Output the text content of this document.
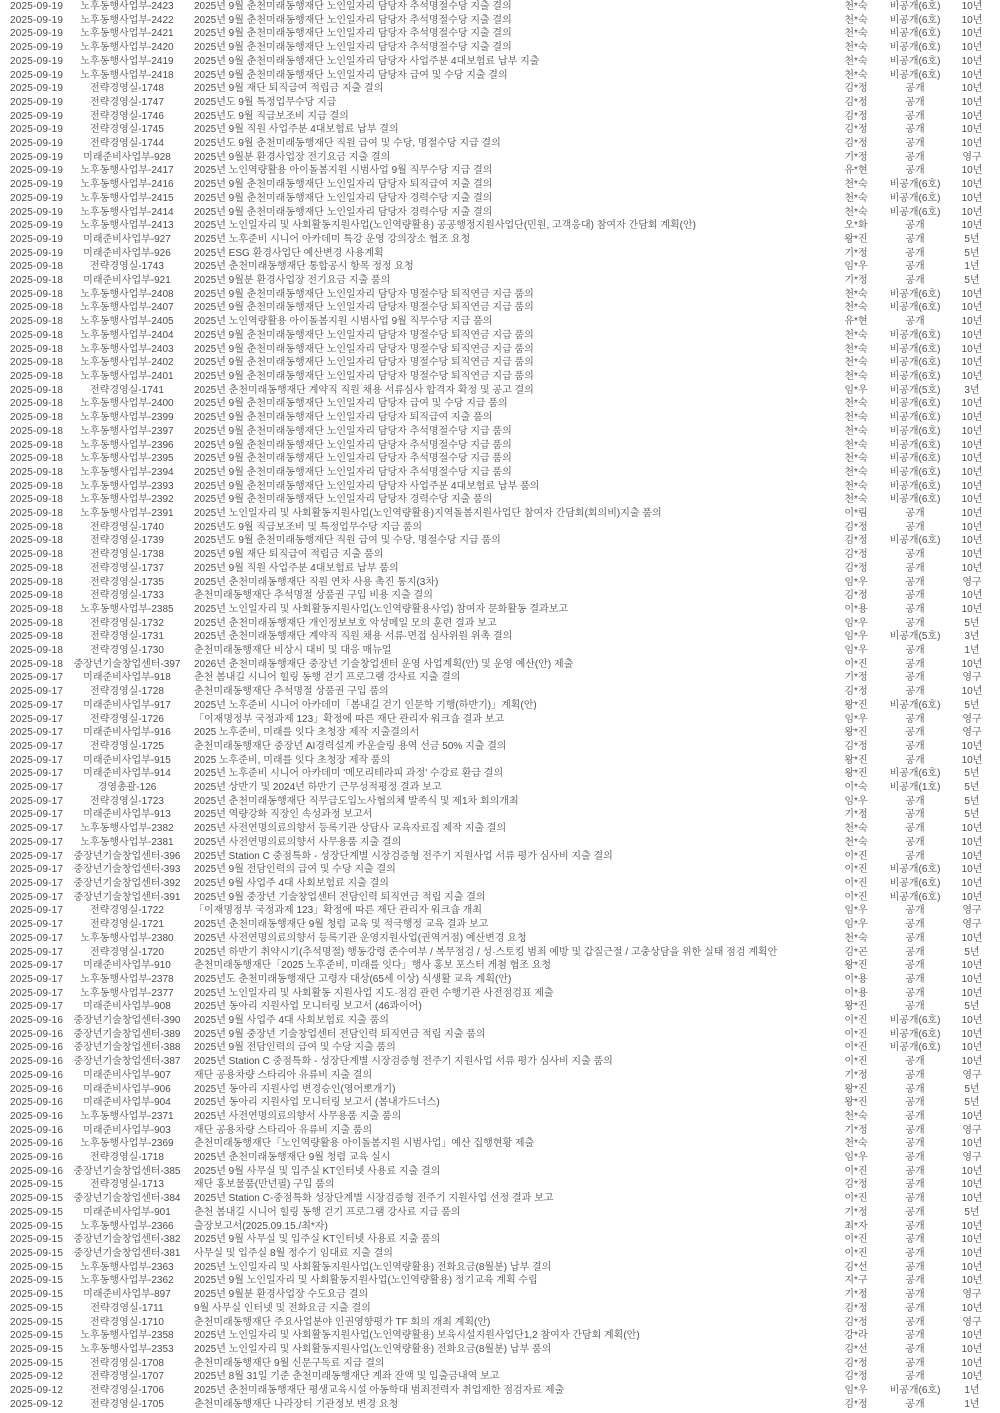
2025-09-19	노후동행사업부-2423	2025년 9월 춘천미래동행재단 노인일자리 담당자 추석명절수당 지출 결의	천*숙	비공개(6호)	10년
2025-09-19	노후동행사업부-2422	2025년 9월 춘천미래동행재단 노인일자리 담당자 추석명절수당 지출 결의	천*숙	비공개(6호)	10년
2025-09-19	노후동행사업부-2421	2025년 9월 춘천미래동행재단 노인일자리 담당자 추석명절수당 지출 결의	천*숙	비공개(6호)	10년
2025-09-19	노후동행사업부-2420	2025년 9월 춘천미래동행재단 노인일자리 담당자 추석명절수당 지출 결의	천*숙	비공개(6호)	10년
2025-09-19	노후동행사업부-2419	2025년 9월 춘천미래동행재단 노인일자리 담당자 사업주분 4대보험료 납부 지출	천*숙	비공개(6호)	10년
2025-09-19	노후동행사업부-2418	2025년 9월 춘천미래동행재단 노인일자리 담당자 급여 및 수당 지출 결의	천*숙	비공개(6호)	10년
2025-09-19	전략경영실-1748	2025년 9월 재단 퇴직급여 적립금 지출 결의	김*정	공개	10년
2025-09-19	전략경영실-1747	2025년도 9월 특정업무수당 지급	김*정	공개	10년
2025-09-19	전략경영실-1746	2025년도 9월 직급보조비 지급 결의	김*정	공개	10년
2025-09-19	전략경영실-1745	2025년 9월 직원 사업주분 4대보험료 납부 결의	김*정	공개	10년
2025-09-19	전략경영실-1744	2025년도 9월 춘천미래동행재단 직원 급여 및 수당, 명절수당 지급 결의	김*정	공개	10년
2025-09-19	미래준비사업부-928	2025년 9월분 환경사업장 전기요금 지출 결의	기*정	공개	영구
2025-09-19	노후동행사업부-2417	2025년 노인역량활용 아이돌봄지원 시범사업 9월 직무수당 지급 결의	유*현	공개	10년
2025-09-19	노후동행사업부-2416	2025년 9월 춘천미래동행재단 노인일자리 담당자 퇴직급여 지출 결의	천*숙	비공개(6호)	10년
2025-09-19	노후동행사업부-2415	2025년 9월 춘천미래동행재단 노인일자리 담당자 경력수당 지출 결의	천*숙	비공개(6호)	10년
2025-09-19	노후동행사업부-2414	2025년 9월 춘천미래동행재단 노인일자리 담당자 경력수당 지출 결의	천*숙	비공개(6호)	10년
2025-09-19	노후동행사업부-2413	2025년 노인일자리 및 사회활동지원사업(노인역량활용) 공공행정지원사업단(민원, 고객응대) 참여자 간담회 계획(안)	오*화	공개	10년
2025-09-19	미래준비사업부-927	2025년 노후준비 시니어 아카데미 특강 운영 강의장소 협조 요청	왕*진	공개	5년
2025-09-19	미래준비사업부-926	2025년 ESG 환경사업단 예산변경 사용계획	기*정	공개	5년
2025-09-18	전략경영실-1743	2025년 춘천미래동행재단 통합공시 항목 정정 요청	임*우	공개	1년
2025-09-18	미래준비사업부-921	2025년 9월분 환경사업장 전기요금 지출 품의	기*정	공개	5년
2025-09-18	노후동행사업부-2408	2025년 9월 춘천미래동행재단 노인일자리 담당자 명절수당 퇴직연금 지급 품의	천*숙	비공개(6호)	10년
2025-09-18	노후동행사업부-2407	2025년 9월 춘천미래동행재단 노인일자리 담당자 명절수당 퇴직연금 지급 품의	천*숙	비공개(6호)	10년
2025-09-18	노후동행사업부-2405	2025년 노인역량활용 아이돌봄지원 시범사업 9월 직무수당 지급 품의	유*현	공개	10년
2025-09-18	노후동행사업부-2404	2025년 9월 춘천미래동행재단 노인일자리 담당자 명절수당 퇴직연금 지급 품의	천*숙	비공개(6호)	10년
2025-09-18	노후동행사업부-2403	2025년 9월 춘천미래동행재단 노인일자리 담당자 명절수당 퇴직연금 지급 품의	천*숙	비공개(6호)	10년
2025-09-18	노후동행사업부-2402	2025년 9월 춘천미래동행재단 노인일자리 담당자 명절수당 퇴직연금 지급 품의	천*숙	비공개(6호)	10년
2025-09-18	노후동행사업부-2401	2025년 9월 춘천미래동행재단 노인일자리 담당자 명절수당 퇴직연금 지급 품의	천*숙	비공개(6호)	10년
2025-09-18	전략경영실-1741	2025년 춘천미래동행재단 계약직 직원 채용 서류심사 합격자 확정 및 공고 결의	임*우	비공개(5호)	3년
2025-09-18	노후동행사업부-2400	2025년 9월 춘천미래동행재단 노인일자리 담당자 급여 및 수당 지급 품의	천*숙	비공개(6호)	10년
2025-09-18	노후동행사업부-2399	2025년 9월 춘천미래동행재단 노인일자리 담당자 퇴직급여 지출 품의	천*숙	비공개(6호)	10년
2025-09-18	노후동행사업부-2397	2025년 9월 춘천미래동행재단 노인일자리 담당자 추석명절수당 지급 품의	천*숙	비공개(6호)	10년
2025-09-18	노후동행사업부-2396	2025년 9월 춘천미래동행재단 노인일자리 담당자 추석명절수당 지급 품의	천*숙	비공개(6호)	10년
2025-09-18	노후동행사업부-2395	2025년 9월 춘천미래동행재단 노인일자리 담당자 추석명절수당 지급 품의	천*숙	비공개(6호)	10년
2025-09-18	노후동행사업부-2394	2025년 9월 춘천미래동행재단 노인일자리 담당자 추석명절수당 지급 품의	천*숙	비공개(6호)	10년
2025-09-18	노후동행사업부-2393	2025년 9월 춘천미래동행재단 노인일자리 담당자 사업주분 4대보험료 납부 품의	천*숙	비공개(6호)	10년
2025-09-18	노후동행사업부-2392	2025년 9월 춘천미래동행재단 노인일자리 담당자 경력수당 지출 품의	천*숙	비공개(6호)	10년
2025-09-18	노후동행사업부-2391	2025년 노인일자리 및 사회활동지원사업(노인역량활용)지역돌봄지원사업단 참여자 간담회(회의비)지출 품의	이*림	공개	10년
2025-09-18	전략경영실-1740	2025년도 9월 직급보조비 및 특정업무수당 지급 품의	김*정	공개	10년
2025-09-18	전략경영실-1739	2025년도 9월 춘천미래동행재단 직원 급여 및 수당, 명절수당 지급 품의	김*정	비공개(6호)	10년
2025-09-18	전략경영실-1738	2025년 9월 재단 퇴직급여 적립금 지출 품의	김*정	공개	10년
2025-09-18	전략경영실-1737	2025년 9월 직원 사업주분 4대보험료 납부 품의	김*정	공개	10년
2025-09-18	전략경영실-1735	2025년 춘천미래동행재단 직원 연차 사용 촉진 통지(3차)	임*우	공개	영구
2025-09-18	전략경영실-1733	춘천미래동행재단 추석명절 상품권 구입 비용 지출 결의	김*정	공개	10년
2025-09-18	노후동행사업부-2385	2025년 노인일자리 및 사회활동지원사업(노인역량활용사업) 참여자 문화활동 결과보고	이*용	공개	10년
2025-09-18	전략경영실-1732	2025년 춘천미래동행재단 개인정보보호 악성메일 모의 훈련 결과 보고	임*우	공개	5년
2025-09-18	전략경영실-1731	2025년 춘천미래동행재단 계약직 직원 채용 서류·면접 심사위원 위촉 결의	임*우	비공개(5호)	3년
2025-09-18	전략경영실-1730	춘천미래동행재단 비상시 대비 및 대응 매뉴얼	임*우	공개	1년
2025-09-18	중장년기술창업센터-397	2026년 춘천미래동행재단 중장년 기술창업센터 운영 사업계획(안) 및 운영 예산(안) 제출	이*진	공개	10년
2025-09-17	미래준비사업부-918	춘천 봄내길 시니어 힐링 동행 걷기 프로그램 강사료 지출 결의	기*정	공개	영구
2025-09-17	전략경영실-1728	춘천미래동행재단 추석명절 상품권 구입 품의	김*정	공개	10년
2025-09-17	미래준비사업부-917	2025년 노후준비 시니어 아카데미「봄내길 걷기 인문학 기행(하반기)」계획(안)	왕*진	비공개(6호)	5년
2025-09-17	전략경영실-1726	「이재명정부 국정과제 123」확정에 따른 재단 관리자 워크숍 결과 보고	임*우	공개	영구
2025-09-17	미래준비사업부-916	2025 노후준비, 미래를 잇다 초청장 제작 지출결의서	왕*진	공개	영구
2025-09-17	전략경영실-1725	춘천미래동행재단 중장년 AI경력설계 카운슬링 용역 선금 50% 지출 결의	김*정	공개	10년
2025-09-17	미래준비사업부-915	2025 노후준비, 미래를 잇다 초청장 제작 품의	왕*진	공개	10년
2025-09-17	미래준비사업부-914	2025년 노후준비 시니어 아카데미 '메모리테라피 과정' 수강료 환급 결의	왕*진	비공개(6호)	5년
2025-09-17	경영총괄-126	2025년 상반기 및 2024년 하반기 근무성적평정 결과 보고	이*숙	비공개(1호)	5년
2025-09-17	전략경영실-1723	2025년 춘천미래동행재단 직무급도입노사협의체 발족식 및 제1차 회의개최	임*우	공개	5년
2025-09-17	미래준비사업부-913	2025년 역량강화 직장인 속성과정 보고서	기*정	공개	5년
2025-09-17	노후동행사업부-2382	2025년 사전연명의료의향서 등록기관 상담사 교육자료집 제작 지출 결의	천*숙	공개	10년
2025-09-17	노후동행사업부-2381	2025년 사전연명의료의향서 사무용품 지출 결의	천*숙	공개	10년
2025-09-17	중장년기술창업센터-396	2025년 Station C 중점특화 - 성장단계별 시장검증형 전주기 지원사업 서류 평가 심사비 지출 결의	이*진	공개	10년
2025-09-17	중장년기술창업센터-393	2025년 9월 전담인력의 급여 및 수당 지출 결의	이*진	비공개(6호)	10년
2025-09-17	중장년기술창업센터-392	2025년 9월 사업주 4대 사회보험료 지출 결의	이*진	비공개(6호)	10년
2025-09-17	중장년기술창업센터-391	2025년 9월 중장년 기술창업센터 전담인력 퇴직연금 적립 지출 결의	이*진	비공개(6호)	10년
2025-09-17	전략경영실-1722	「이재명정부 국정과제 123」확정에 따른 재단 관리자 워크숍 개최	임*우	공개	영구
2025-09-17	전략경영실-1721	2025년 춘천미래동행재단 9월 청렴 교육 및 적극행정 교육 결과 보고	임*우	공개	영구
2025-09-17	노후동행사업부-2380	2025년 사전연명의료의향서 등록기관 운영지원사업(권역거점) 예산변경 요청	천*숙	공개	10년
2025-09-17	전략경영실-1720	2025년 하반기 취약시기(추석명절) 행동강령 준수여부 / 복무점검 / 성·스토킹 범죄 예방 및 갑질근절 / 고충상담을 위한 실태 점검 계획안	김*곤	공개	5년
2025-09-17	미래준비사업부-910	춘천미래동행재단「2025 노후준비, 미래를 잇다」행사 홍보 포스터 게첨 협조 요청	왕*진	공개	10년
2025-09-17	노후동행사업부-2378	2025년도 춘천미래동행재단 고령자 대상(65세 이상) 식생활 교육 계획(안)	이*용	공개	10년
2025-09-17	노후동행사업부-2377	2025년 노인일자리 및 사회활동 지원사업 지도·점검 관련 수행기관 사전점검표 제출	이*용	공개	10년
2025-09-17	미래준비사업부-908	2025년 동아리 지원사업 모니터링 보고서 (46콰이어)	왕*진	공개	5년
2025-09-16	중장년기술창업센터-390	2025년 9월 사업주 4대 사회보험료 지출 품의	이*진	비공개(6호)	10년
2025-09-16	중장년기술창업센터-389	2025년 9월 중장년 기술창업센터 전담인력 퇴직연금 적립 지출 품의	이*진	비공개(6호)	10년
2025-09-16	중장년기술창업센터-388	2025년 9월 전담인력의 급여 및 수당 지출 품의	이*진	비공개(6호)	10년
2025-09-16	중장년기술창업센터-387	2025년 Station C 중점특화 - 성장단계별 시장검증형 전주기 지원사업 서류 평가 심사비 지출 품의	이*진	공개	10년
2025-09-16	미래준비사업부-907	재단 공용차량 스타리아 유류비 지출 결의	기*정	공개	영구
2025-09-16	미래준비사업부-906	2025년 동아리 지원사업 변경승인(영어뽀개기)	왕*진	공개	5년
2025-09-16	미래준비사업부-904	2025년 동아리 지원사업 모니터링 보고서 (봄내가드너스)	왕*진	공개	5년
2025-09-16	노후동행사업부-2371	2025년 사전연명의료의향서 사무용품 지출 품의	천*숙	공개	10년
2025-09-16	미래준비사업부-903	재단 공용차량 스타리아 유류비 지출 품의	기*정	공개	영구
2025-09-16	노후동행사업부-2369	춘천미래동행재단「노인역량활용 아이돌봄지원 시범사업」예산 집행현황 제출	천*숙	공개	10년
2025-09-16	전략경영실-1718	2025년 춘천미래동행재단 9월 청렴 교육 실시	임*우	공개	영구
2025-09-16	중장년기술창업센터-385	2025년 9월 사무실 및 입주실 KT인터넷 사용료 지출 결의	이*진	공개	10년
2025-09-15	전략경영실-1713	재단 홍보물품(만년필) 구입 품의	김*정	공개	10년
2025-09-15	중장년기술창업센터-384	2025년 Station C-중점특화 성장단계별 시장검증형 전주기 지원사업 선정 결과 보고	이*진	공개	10년
2025-09-15	미래준비사업부-901	춘천 봄내길 시니어 힐링 동행 걷기 프로그램 강사료 지급 품의	기*정	공개	5년
2025-09-15	노후동행사업부-2366	출장보고서(2025.09.15./최*자)	최*자	공개	10년
2025-09-15	중장년기술창업센터-382	2025년 9월 사무실 및 입주실 KT인터넷 사용료 지출 품의	이*진	공개	10년
2025-09-15	중장년기술창업센터-381	사무실 및 입주실 8월 정수기 임대료 지출 결의	이*진	공개	10년
2025-09-15	노후동행사업부-2363	2025년 노인일자리 및 사회활동지원사업(노인역량활용) 전화요금(8월분) 납부 결의	김*선	공개	10년
2025-09-15	노후동행사업부-2362	2025년 9월 노인일자리 및 사회활동지원사업(노인역량활용) 정기교육 계획 수립	지*구	공개	10년
2025-09-15	미래준비사업부-897	2025년 9월분 환경사업장 수도요금 결의	기*정	공개	영구
2025-09-15	전략경영실-1711	9월 사무실 인터넷 및 전화요금 지출 결의	김*정	공개	10년
2025-09-15	전략경영실-1710	춘천미래동행재단 주요사업분야 인권영향평가 TF 회의 개최 계획(안)	김*정	공개	영구
2025-09-15	노후동행사업부-2358	2025년 노인일자리 및 사회활동지원사업(노인역량활용) 보육시설지원사업단1,2 참여자 간담회 계획(안)	강*라	공개	10년
2025-09-15	노후동행사업부-2353	2025년 노인일자리 및 사회활동지원사업(노인역량활용) 전화요금(8월분) 납부 품의	김*선	공개	10년
2025-09-15	전략경영실-1708	춘천미래동행재단 9월 신문구독료 지급 결의	김*정	공개	10년
2025-09-12	전략경영실-1707	2025년 8월 31일 기준 춘천미래동행재단 계좌 잔액 및 입출금내역 보고	김*정	공개	10년
2025-09-12	전략경영실-1706	2025년 춘천미래동행재단 평생교육시설 아동학대 범죄전력자 취업제한 점검자료 제출	임*우	비공개(6호)	1년
2025-09-12	전략경영실-1705	춘천미래동행재단 나라장터 기관정보 변경 요청	김*정	공개	1년
